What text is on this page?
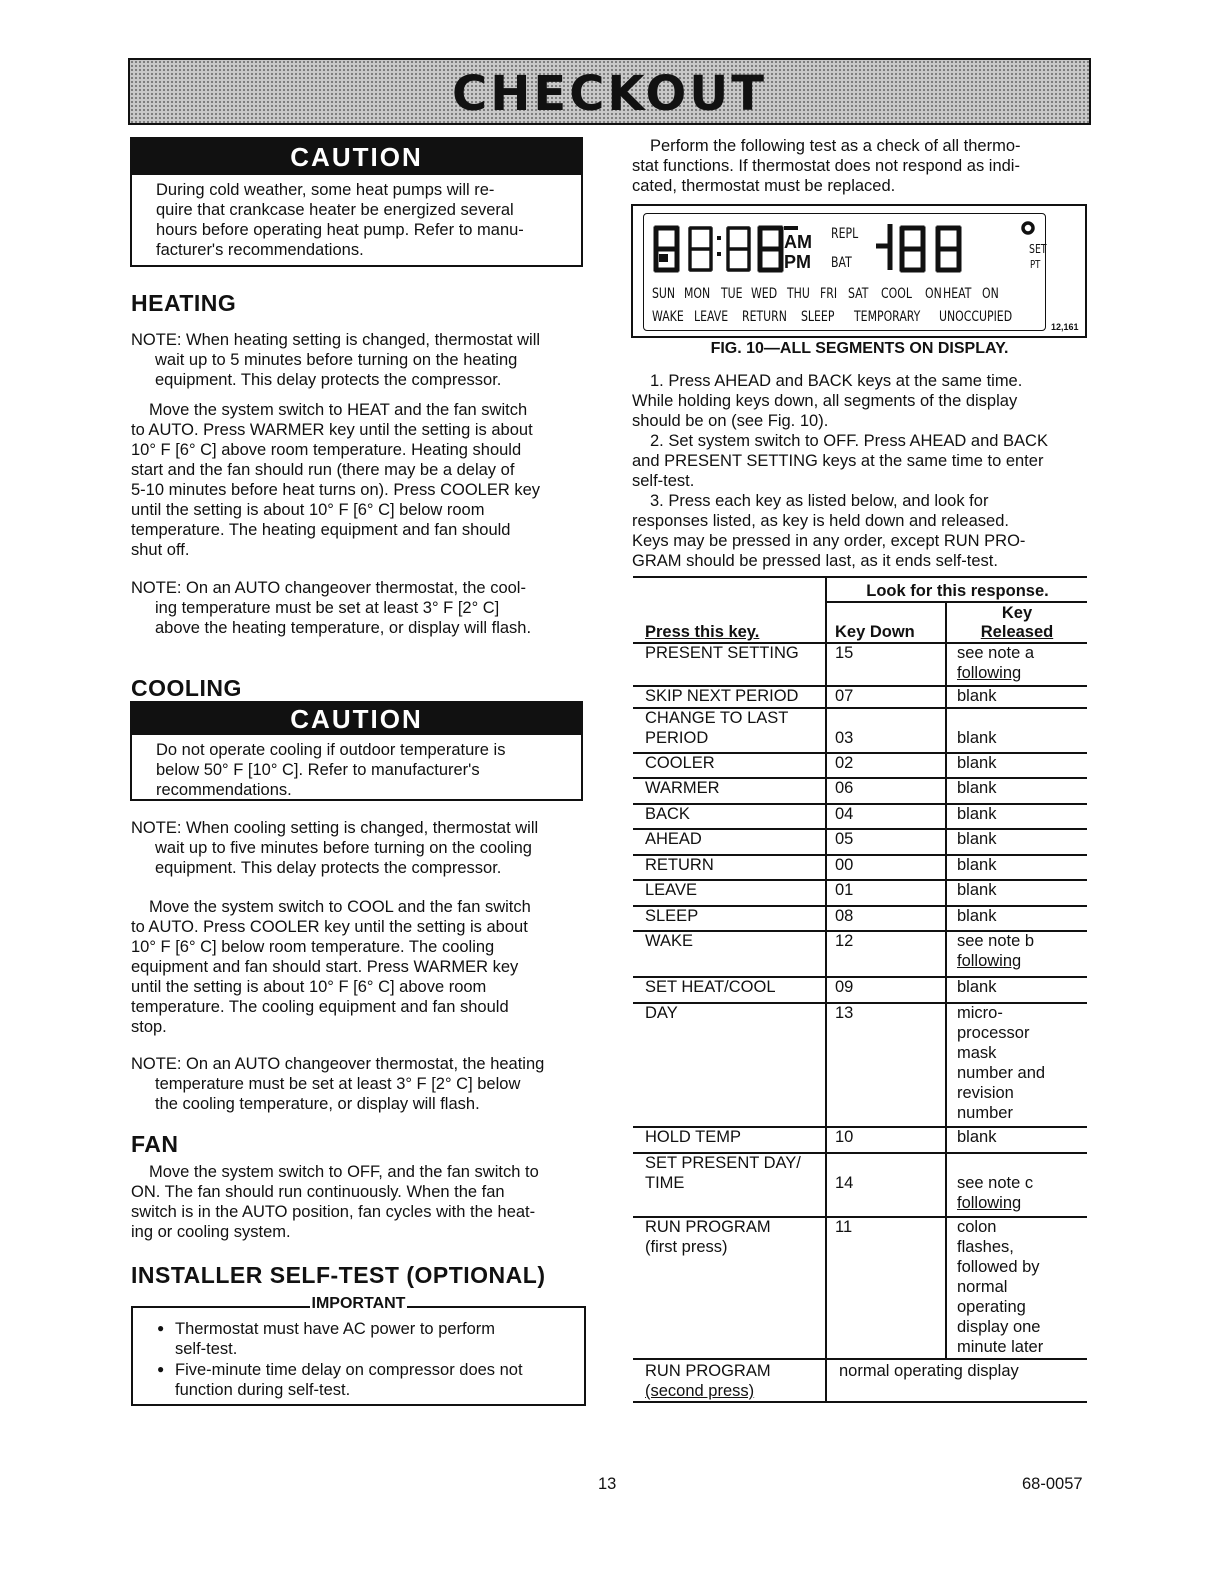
CHECKOUT
CAUTION
During cold weather, some heat pumps will re-
quire that crankcase heater be energized several
hours before operating heat pump. Refer to manu-
facturer's recommendations.
HEATING
NOTE: When heating setting is changed, thermostat will
wait up to 5 minutes before turning on the heating
equipment. This delay protects the compressor.
Move the system switch to HEAT and the fan switch
to AUTO. Press WARMER key until the setting is about
10° F [6° C] above room temperature. Heating should
start and the fan should run (there may be a delay of
5-10 minutes before heat turns on). Press COOLER key
until the setting is about 10° F [6° C] below room
temperature. The heating equipment and fan should
shut off.
NOTE: On an AUTO changeover thermostat, the cool-
ing temperature must be set at least 3° F [2° C]
above the heating temperature, or display will flash.
COOLING
CAUTION
Do not operate cooling if outdoor temperature is
below 50° F [10° C]. Refer to manufacturer's
recommendations.
NOTE: When cooling setting is changed, thermostat will
wait up to five minutes before turning on the cooling
equipment. This delay protects the compressor.
Move the system switch to COOL and the fan switch
to AUTO. Press COOLER key until the setting is about
10° F [6° C] below room temperature. The cooling
equipment and fan should start. Press WARMER key
until the setting is about 10° F [6° C] above room
temperature. The cooling equipment and fan should
stop.
NOTE: On an AUTO changeover thermostat, the heating
temperature must be set at least 3° F [2° C] below
the cooling temperature, or display will flash.
FAN
Move the system switch to OFF, and the fan switch to
ON. The fan should run continuously. When the fan
switch is in the AUTO position, fan cycles with the heat-
ing or cooling system.
INSTALLER SELF-TEST (OPTIONAL)
IMPORTANT
● Thermostat must have AC power to perform
self-test.
● Five-minute time delay on compressor does not
function during self-test.
Perform the following test as a check of all thermo-
stat functions. If thermostat does not respond as indi-
cated, thermostat must be replaced.
AM
PM
REPL
BAT
SET
PT
SUN MON TUE WED THU FRI SAT COOL ON HEAT ON
WAKE LEAVE RETURN SLEEP TEMPORARY UNOCCUPIED
12,161
FIG. 10—ALL SEGMENTS ON DISPLAY.
1. Press AHEAD and BACK keys at the same time.
While holding keys down, all segments of the display
should be on (see Fig. 10).
2. Set system switch to OFF. Press AHEAD and BACK
and PRESENT SETTING keys at the same time to enter
self-test.
3. Press each key as listed below, and look for
responses listed, as key is held down and released.
Keys may be pressed in any order, except RUN PRO-
GRAM should be pressed last, as it ends self-test.
Look for this response.
Press this key.	Key Down
Key
Released
PRESENT SETTING 15	see note a
following
SKIP NEXT PERIOD 07	blank
CHANGE TO LAST
PERIOD	03	blank
COOLER	02	blank
WARMER	06	blank
BACK	04	blank
AHEAD	05	blank
RETURN	00	blank
LEAVE	01	blank
SLEEP	08	blank
WAKE	12	see note b
following
SET HEAT/COOL	09	blank
DAY	13	micro-
processor
mask
number and
revision
number
HOLD TEMP	10	blank
SET PRESENT DAY/
TIME	14	see note c
following
RUN PROGRAM
(first press)
11	colon
flashes,
followed by
normal
operating
display one
minute later
RUN PROGRAM
(second press)
normal operating display
13	68-0057
